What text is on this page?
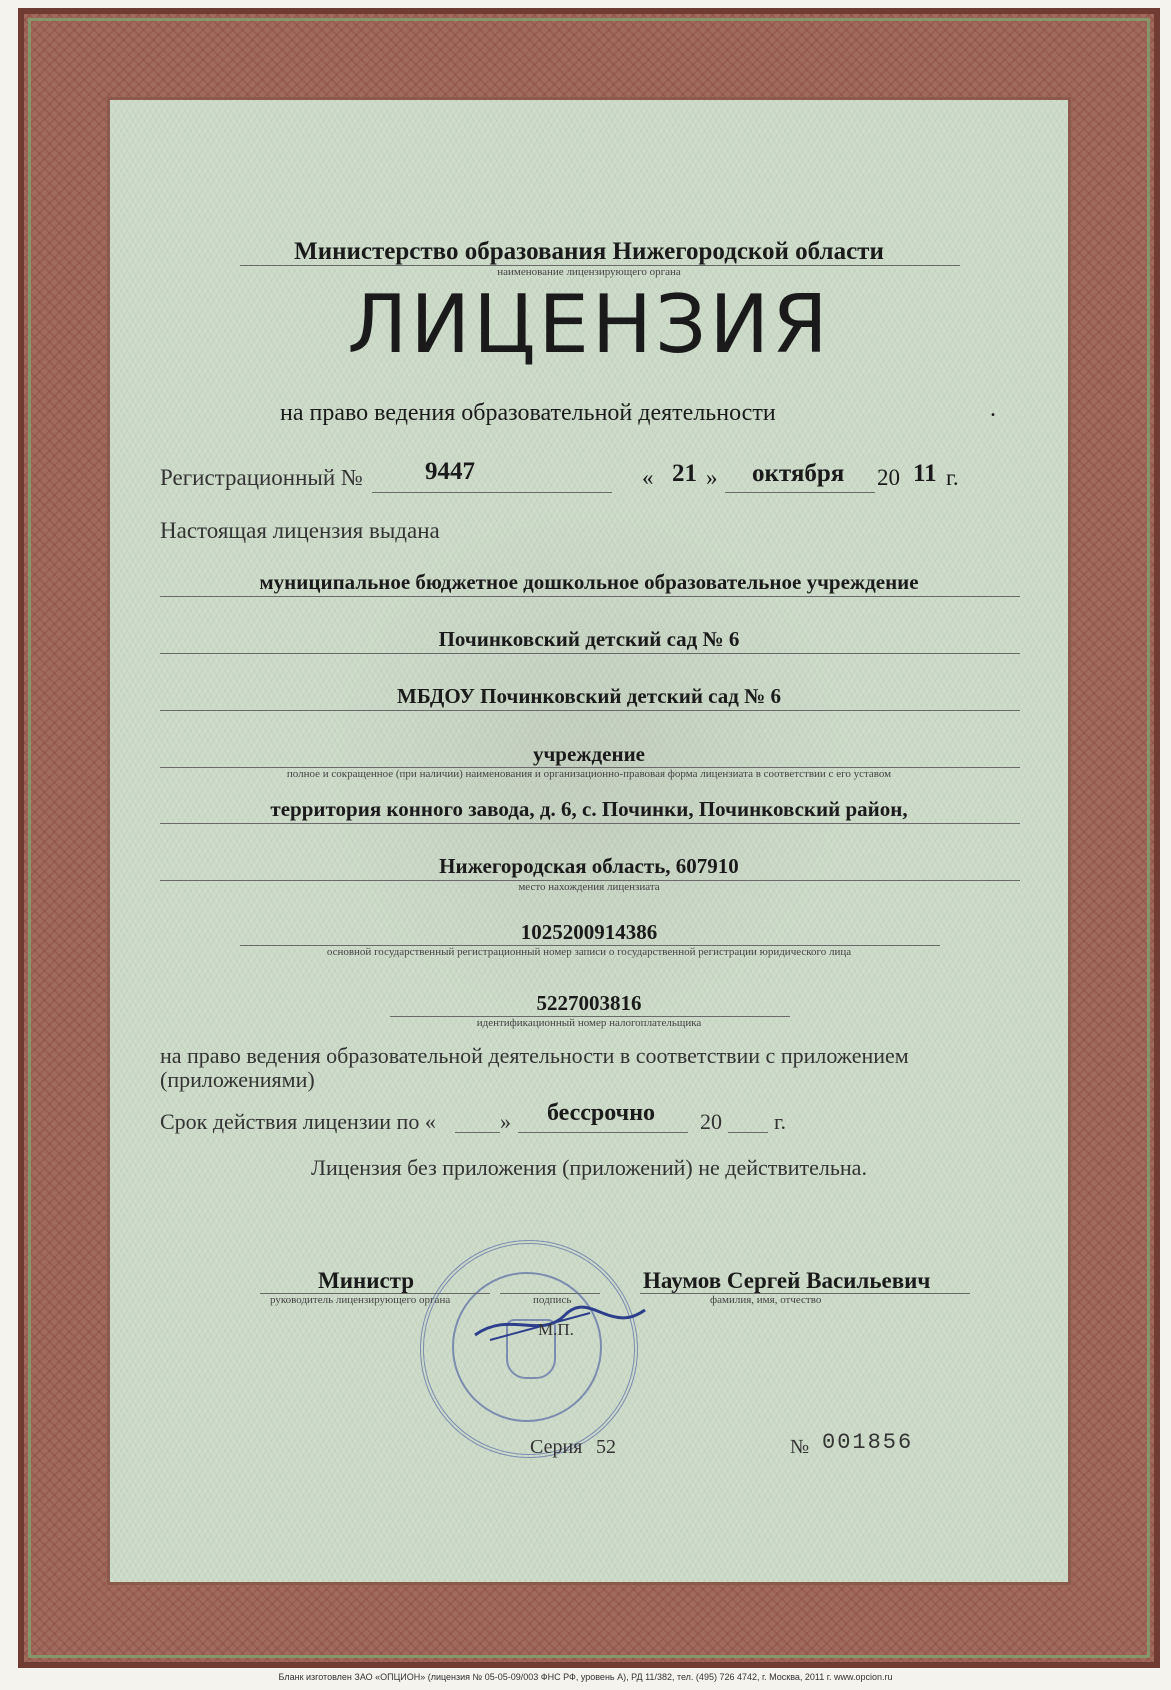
Министерство образования Нижегородской области
наименование лицензирующего органа
ЛИЦЕНЗИЯ
на право ведения образовательной деятельности	.
Регистрационный № 9447	« 21 » октября 20 11 г.
Настоящая лицензия выдана
муниципальное бюджетное дошкольное образовательное учреждение
Починковский детский сад № 6
МБДОУ Починковский детский сад № 6
учреждение
полное и сокращенное (при наличии) наименования и организационно-правовая форма лицензиата в соответствии с его уставом
территория конного завода, д. 6, с. Починки, Починковский район,
Нижегородская область, 607910
место нахождения лицензиата
1025200914386
основной государственный регистрационный номер записи о государственной регистрации юридического лица
5227003816
идентификационный номер налогоплательщика
на право ведения образовательной деятельности в соответствии с приложением
(приложениями)
Срок действия лицензии по «	» бессрочно 20 г.
Лицензия без приложения (приложений) не действительна.
Министр
руководитель лицензирующего органа	подпись
Наумов Сергей Васильевич
фамилия, имя, отчество
М.П.
Серия 52	№ 001856
Бланк изготовлен ЗАО «ОПЦИОН» (лицензия № 05-05-09/003 ФНС РФ, уровень А), РД 11/382, тел. (495) 726 4742, г. Москва, 2011 г. www.opcion.ru
